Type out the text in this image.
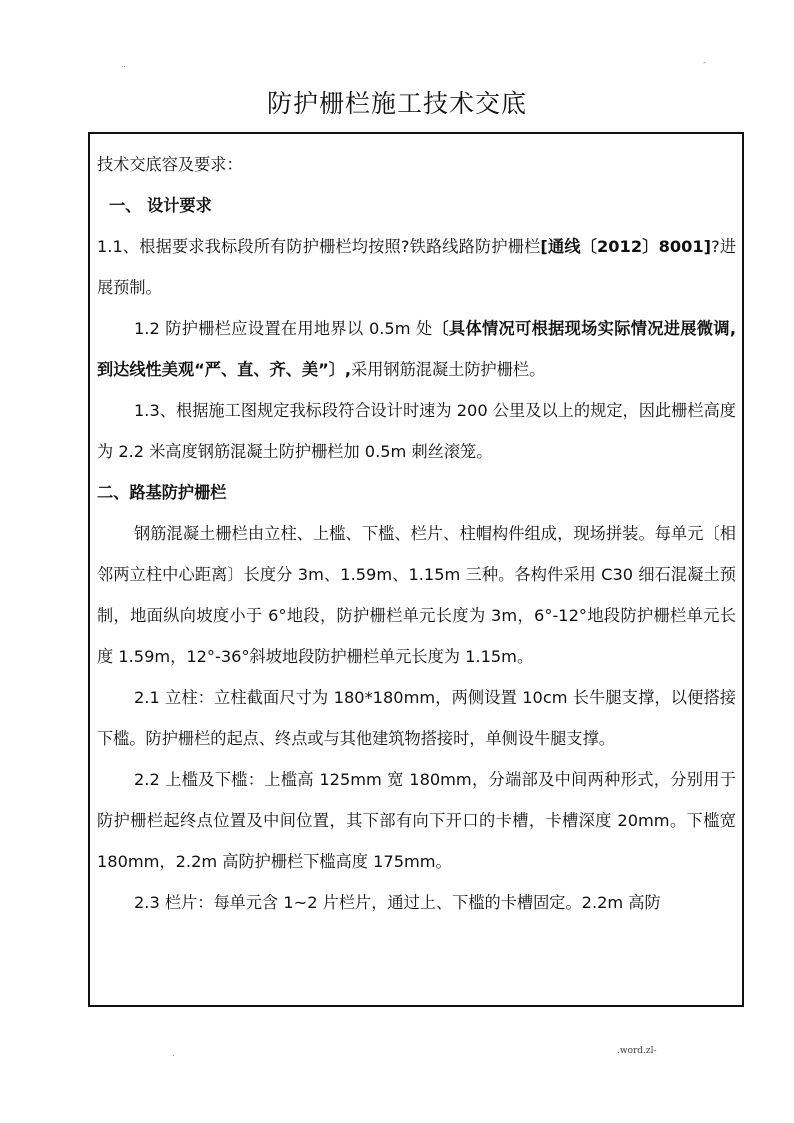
..	-
防护栅栏施工技术交底

技术交底容及要求：

一、 设计要求

1.1、根据要求我标段所有防护栅栏均按照?铁路线路防护栅栏[通线〔2012〕8001]?进展预制。

1.2 防护栅栏应设置在用地界以 0.5m 处〔具体情况可根据现场实际情况进展微调,到达线性美观“严、直、齐、美”〕,采用钢筋混凝土防护栅栏。

1.3、根据施工图规定我标段符合设计时速为 200 公里及以上的规定，因此栅栏高度为 2.2 米高度钢筋混凝土防护栅栏加 0.5m 刺丝滚笼。

二、路基防护栅栏

钢筋混凝土栅栏由立柱、上槛、下槛、栏片、柱帽构件组成，现场拼装。每单元〔相邻两立柱中心距离〕长度分 3m、1.59m、1.15m 三种。各构件采用 C30 细石混凝土预制，地面纵向坡度小于 6°地段，防护栅栏单元长度为 3m，6°-12°地段防护栅栏单元长度 1.59m，12°-36°斜坡地段防护栅栏单元长度为 1.15m。

2.1 立柱：立柱截面尺寸为 180*180mm，两侧设置 10cm 长牛腿支撑，以便搭接下槛。防护栅栏的起点、终点或与其他建筑物搭接时，单侧设牛腿支撑。

2.2 上槛及下槛：上槛高 125mm 宽 180mm，分端部及中间两种形式，分别用于防护栅栏起终点位置及中间位置，其下部有向下开口的卡槽，卡槽深度 20mm。下槛宽 180mm，2.2m 高防护栅栏下槛高度 175mm。

2.3 栏片：每单元含 1~2 片栏片，通过上、下槛的卡槽固定。2.2m 高防

.	.word.zl-
